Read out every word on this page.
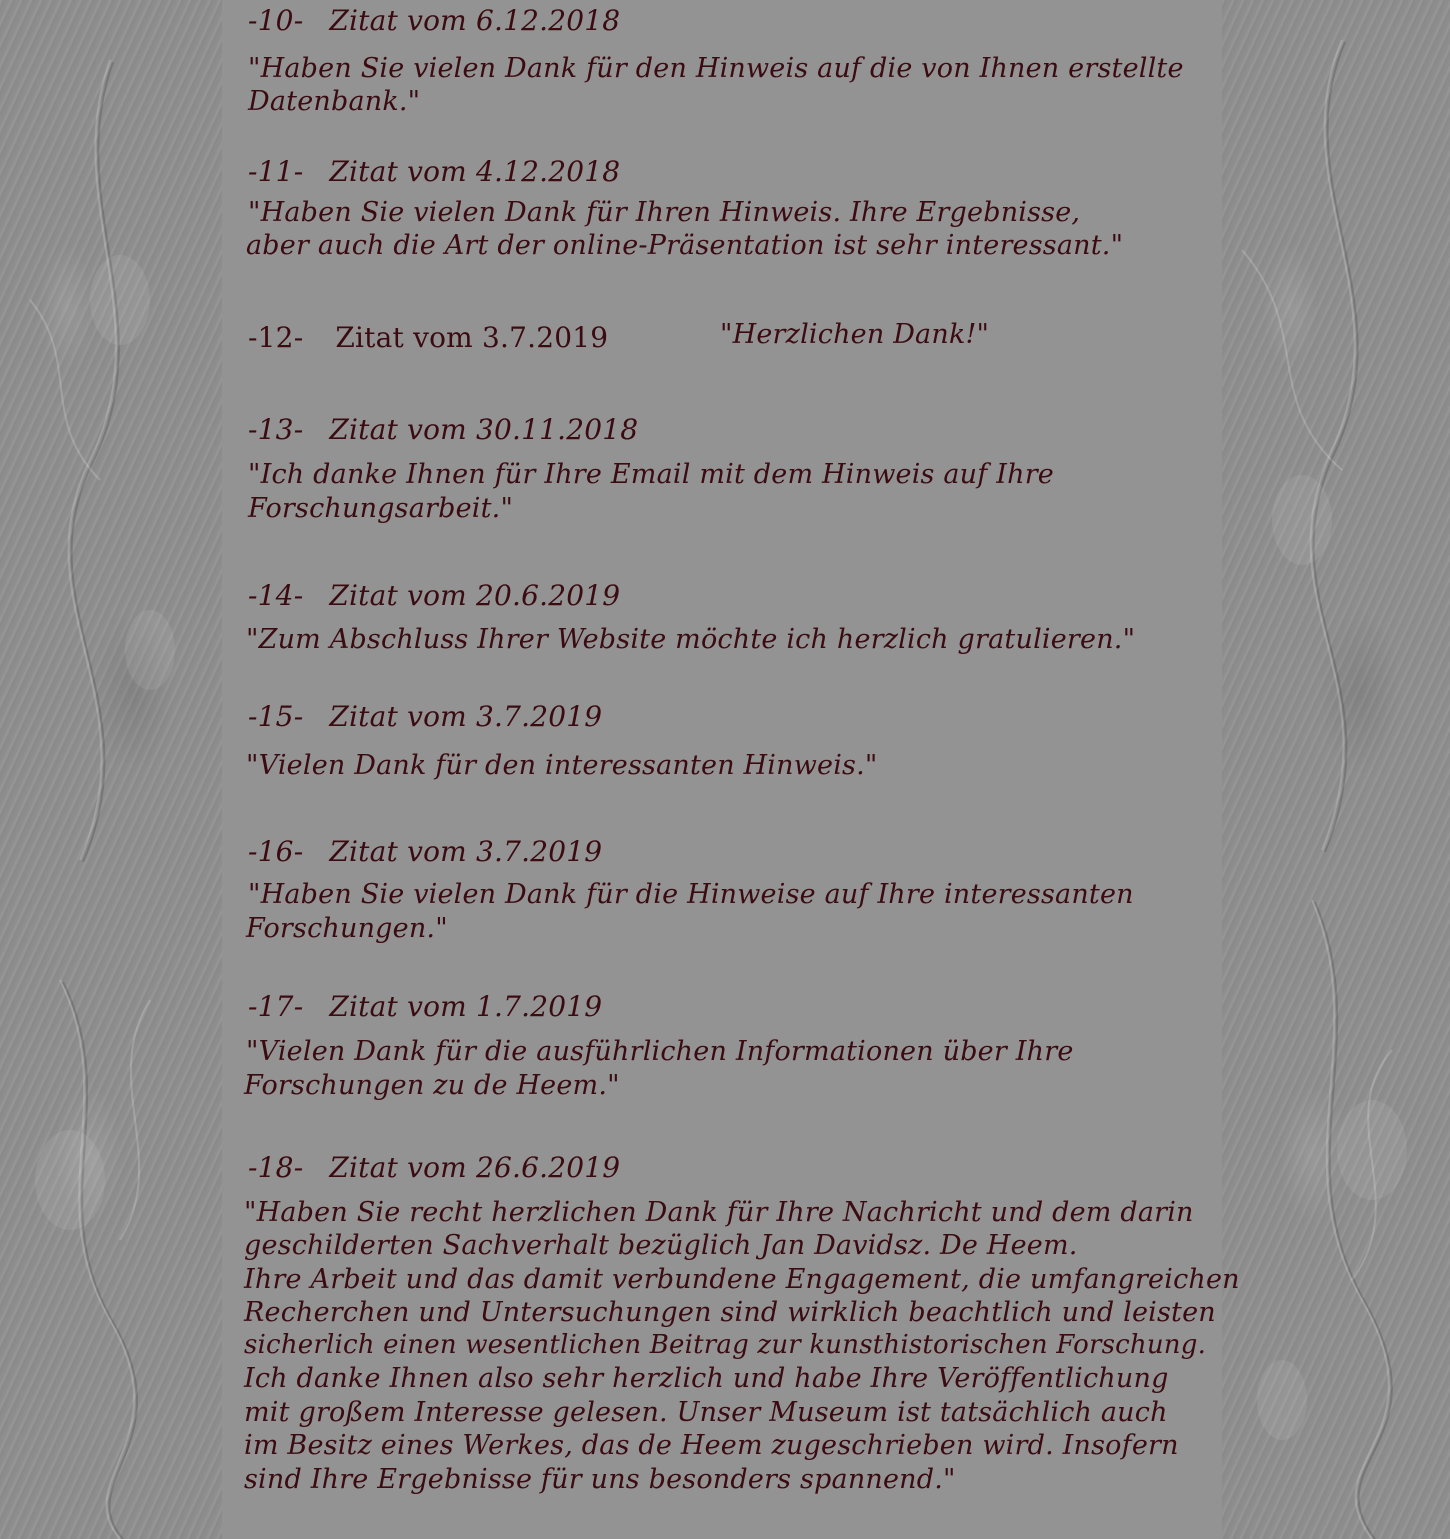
-10- Zitat vom 6.12.2018
"Haben Sie vielen Dank für den Hinweis auf die von Ihnen erstellte
Datenbank."
-11- Zitat vom 4.12.2018
"Haben Sie vielen Dank für Ihren Hinweis. Ihre Ergebnisse,
aber auch die Art der online-Präsentation ist sehr interessant."
-12- Zitat vom 3.7.2019	"Herzlichen Dank!"
-13- Zitat vom 30.11.2018
"Ich danke Ihnen für Ihre Email mit dem Hinweis auf Ihre
Forschungsarbeit."
-14- Zitat vom 20.6.2019
"Zum Abschluss Ihrer Website möchte ich herzlich gratulieren."
-15- Zitat vom 3.7.2019
"Vielen Dank für den interessanten Hinweis."
-16- Zitat vom 3.7.2019
"Haben Sie vielen Dank für die Hinweise auf Ihre interessanten
Forschungen."
-17- Zitat vom 1.7.2019
"Vielen Dank für die ausführlichen Informationen über Ihre
Forschungen zu de Heem."
-18- Zitat vom 26.6.2019
"Haben Sie recht herzlichen Dank für Ihre Nachricht und dem darin
geschilderten Sachverhalt bezüglich Jan Davidsz. De Heem.
Ihre Arbeit und das damit verbundene Engagement, die umfangreichen
Recherchen und Untersuchungen sind wirklich beachtlich und leisten
sicherlich einen wesentlichen Beitrag zur kunsthistorischen Forschung.
Ich danke Ihnen also sehr herzlich und habe Ihre Veröffentlichung
mit großem Interesse gelesen. Unser Museum ist tatsächlich auch
im Besitz eines Werkes, das de Heem zugeschrieben wird. Insofern
sind Ihre Ergebnisse für uns besonders spannend."
